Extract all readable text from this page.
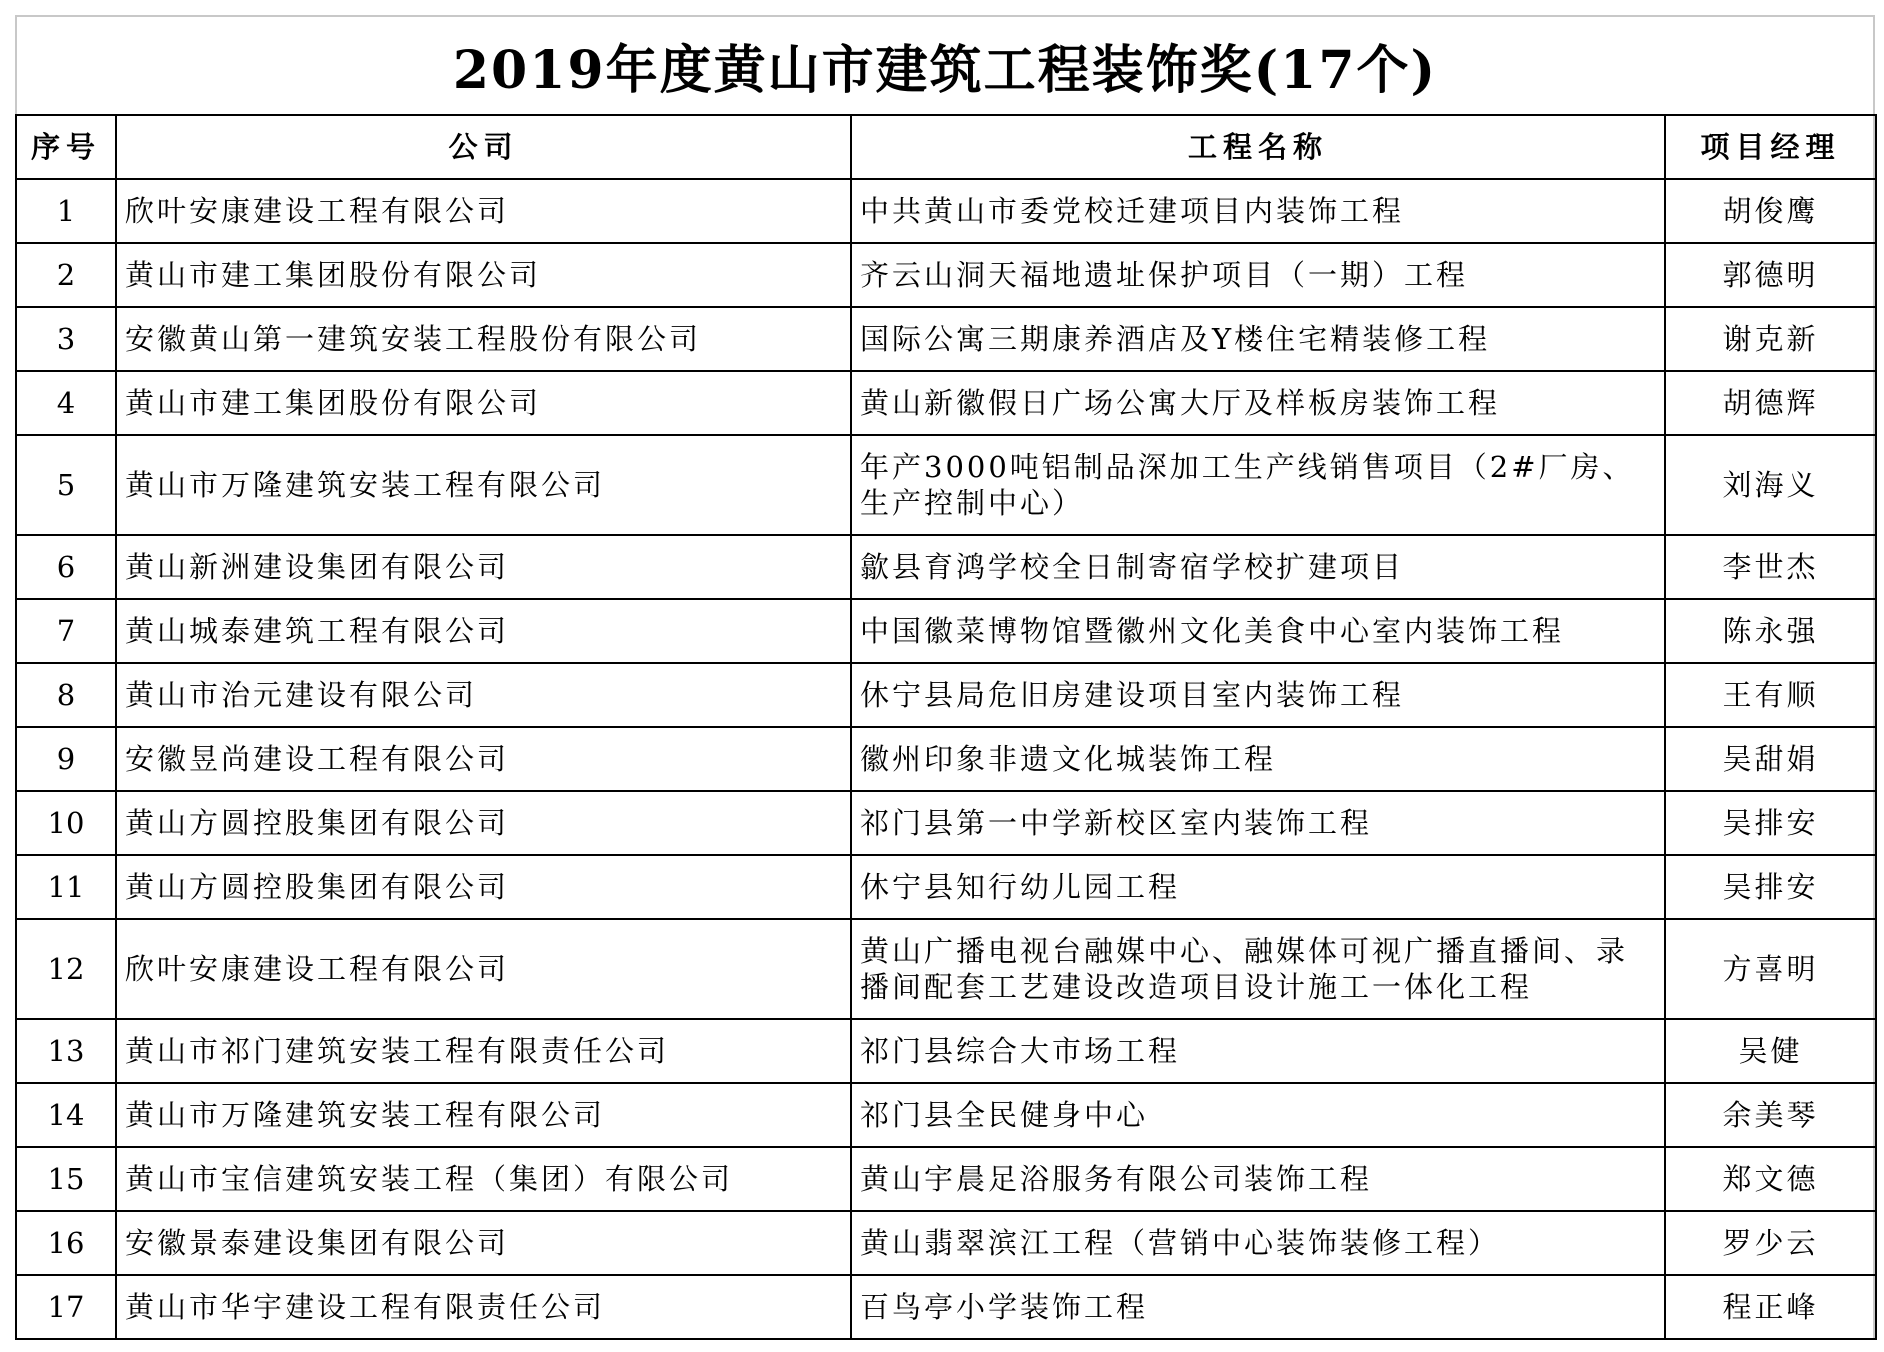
2019年度黄山市建筑工程装饰奖(17个)
序号	公司	工程名称	项目经理
1	欣叶安康建设工程有限公司	中共黄山市委党校迁建项目内装饰工程	胡俊鹰
2	黄山市建工集团股份有限公司	齐云山洞天福地遗址保护项目（一期）工程	郭德明
3	安徽黄山第一建筑安装工程股份有限公司	国际公寓三期康养酒店及Y楼住宅精装修工程	谢克新
4	黄山市建工集团股份有限公司	黄山新徽假日广场公寓大厅及样板房装饰工程	胡德辉
5	黄山市万隆建筑安装工程有限公司	年产3000吨铝制品深加工生产线销售项目（2#厂房、生产控制中心）	刘海义
6	黄山新洲建设集团有限公司	歙县育鸿学校全日制寄宿学校扩建项目	李世杰
7	黄山城泰建筑工程有限公司	中国徽菜博物馆暨徽州文化美食中心室内装饰工程	陈永强
8	黄山市治元建设有限公司	休宁县局危旧房建设项目室内装饰工程	王有顺
9	安徽昱尚建设工程有限公司	徽州印象非遗文化城装饰工程	吴甜娟
10	黄山方圆控股集团有限公司	祁门县第一中学新校区室内装饰工程	吴排安
11	黄山方圆控股集团有限公司	休宁县知行幼儿园工程	吴排安
12	欣叶安康建设工程有限公司	黄山广播电视台融媒中心、融媒体可视广播直播间、录播间配套工艺建设改造项目设计施工一体化工程	方喜明
13	黄山市祁门建筑安装工程有限责任公司	祁门县综合大市场工程	吴健
14	黄山市万隆建筑安装工程有限公司	祁门县全民健身中心	余美琴
15	黄山市宝信建筑安装工程（集团）有限公司	黄山宇晨足浴服务有限公司装饰工程	郑文德
16	安徽景泰建设集团有限公司	黄山翡翠滨江工程（营销中心装饰装修工程）	罗少云
17	黄山市华宇建设工程有限责任公司	百鸟亭小学装饰工程	程正峰
